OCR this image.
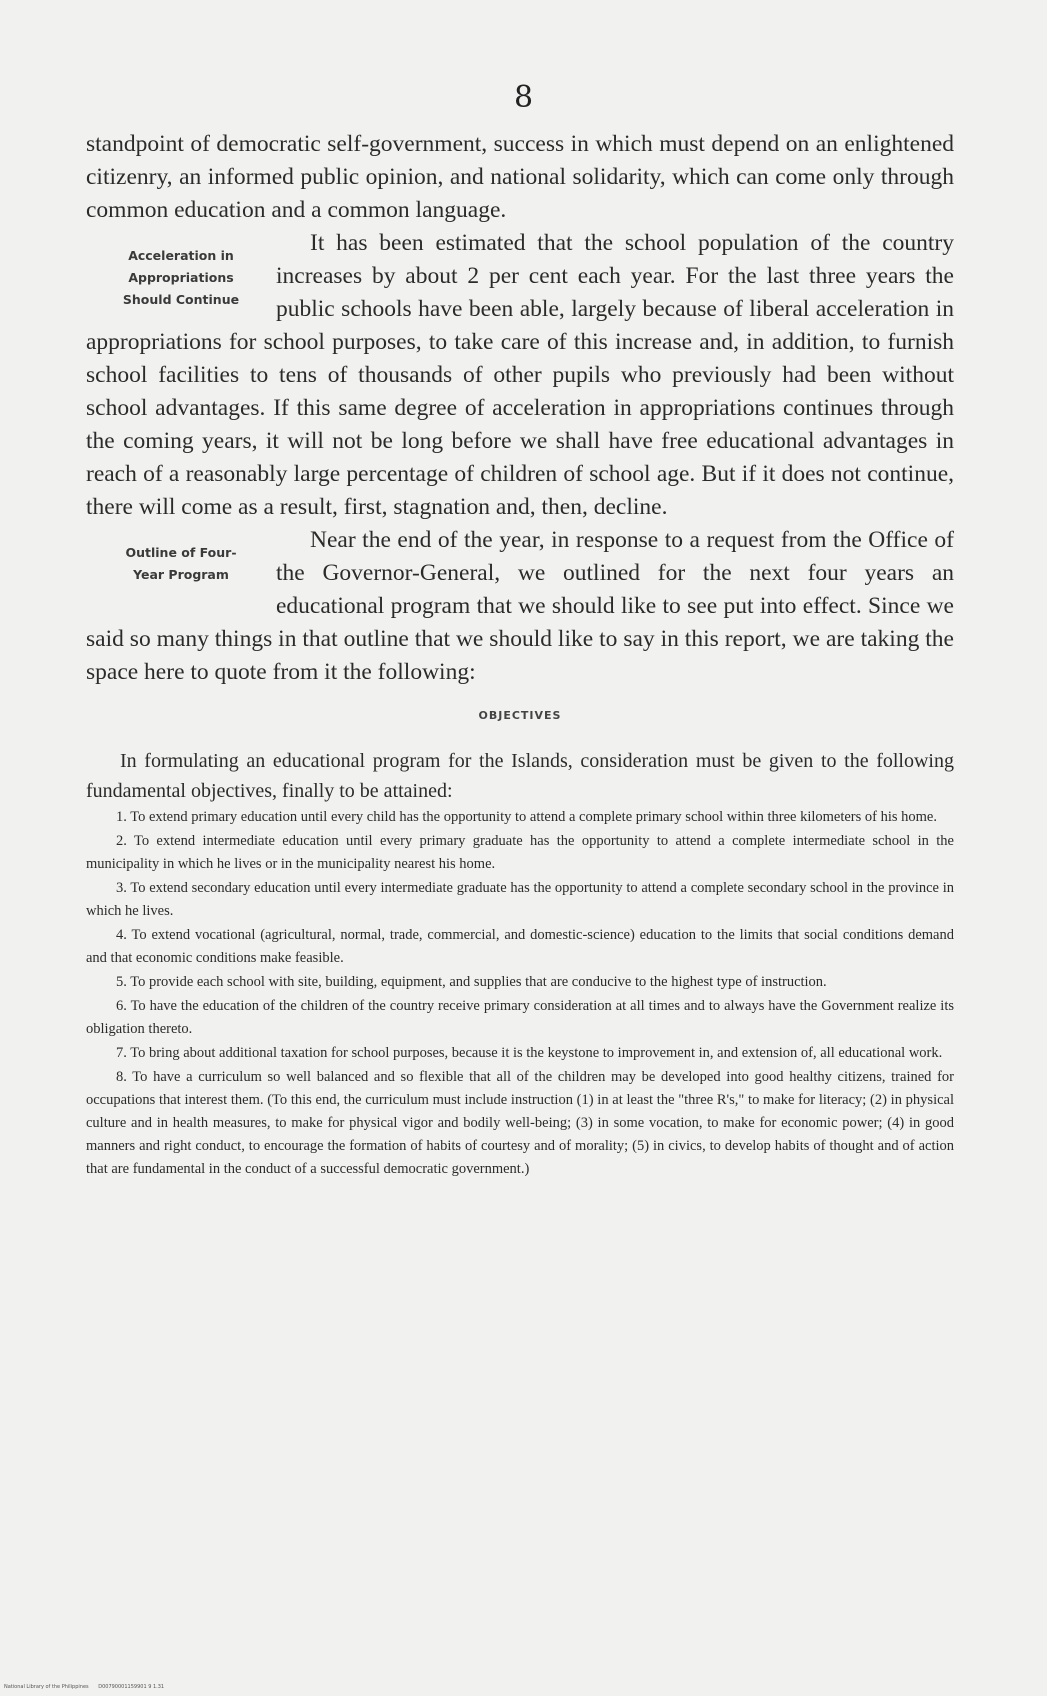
8

standpoint of democratic self-government, success in which must depend on an enlightened citizenry, an informed public opinion, and national solidarity, which can come only through common education and a common language.

Acceleration in
Appropriations
Should Continue
It has been estimated that the school population of the country increases by about 2 per cent each year. For the last three years the public schools have been able, largely because of liberal acceleration in appropriations for school purposes, to take care of this increase and, in addition, to furnish school facilities to tens of thousands of other pupils who previously had been without school advantages. If this same degree of acceleration in appropriations continues through the coming years, it will not be long before we shall have free educational advantages in reach of a reasonably large percentage of children of school age. But if it does not continue, there will come as a result, first, stagnation and, then, decline.

Outline of Four-
Year Program
Near the end of the year, in response to a request from the Office of the Governor-General, we outlined for the next four years an educational program that we should like to see put into effect. Since we said so many things in that outline that we should like to say in this report, we are taking the space here to quote from it the following:

OBJECTIVES

In formulating an educational program for the Islands, consideration must be given to the following fundamental objectives, finally to be attained:

1. To extend primary education until every child has the opportunity to attend a complete primary school within three kilometers of his home.

2. To extend intermediate education until every primary graduate has the opportunity to attend a complete intermediate school in the municipality in which he lives or in the municipality nearest his home.

3. To extend secondary education until every intermediate graduate has the opportunity to attend a complete secondary school in the province in which he lives.

4. To extend vocational (agricultural, normal, trade, commercial, and domestic-science) education to the limits that social conditions demand and that economic conditions make feasible.

5. To provide each school with site, building, equipment, and supplies that are conducive to the highest type of instruction.

6. To have the education of the children of the country receive primary consideration at all times and to always have the Government realize its obligation thereto.

7. To bring about additional taxation for school purposes, because it is the keystone to improvement in, and extension of, all educational work.

8. To have a curriculum so well balanced and so flexible that all of the children may be developed into good healthy citizens, trained for occupations that interest them. (To this end, the curriculum must include instruction (1) in at least the "three R's," to make for literacy; (2) in physical culture and in health measures, to make for physical vigor and bodily well-being; (3) in some vocation, to make for economic power; (4) in good manners and right conduct, to encourage the formation of habits of courtesy and of morality; (5) in civics, to develop habits of thought and of action that are fundamental in the conduct of a successful democratic government.)

National Library of the Philippines D00790001159901 9 1.31
